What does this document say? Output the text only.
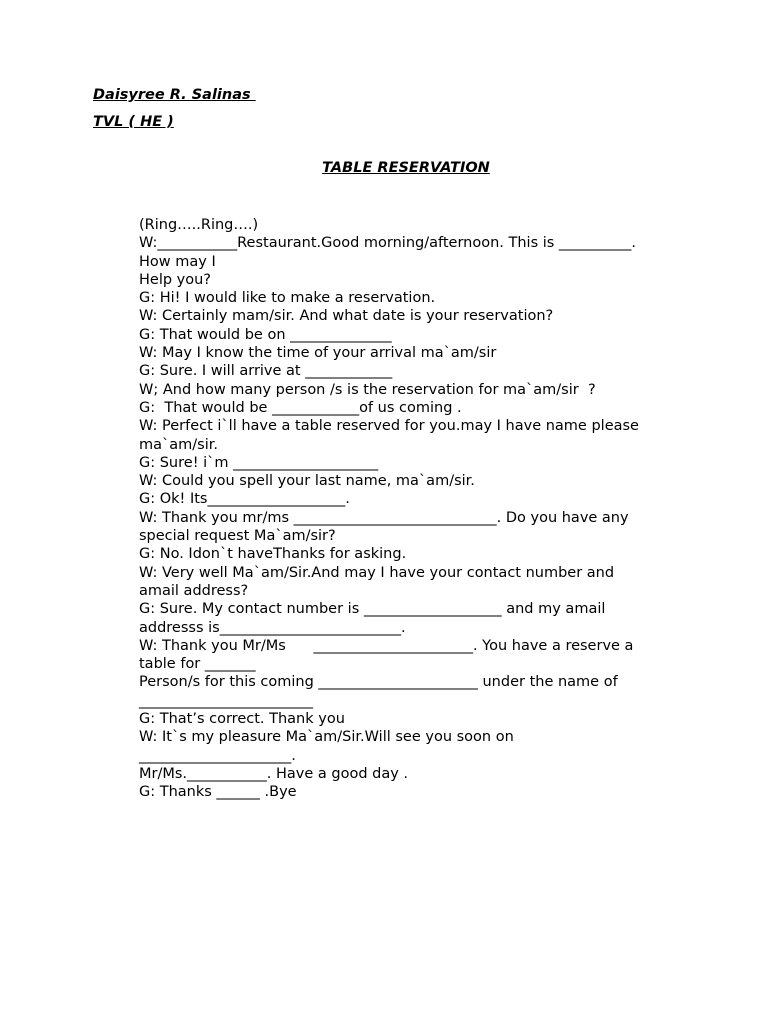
Daisyree R. Salinas
TVL ( HE )
TABLE RESERVATION
(Ring…..Ring….)
W:___________Restaurant.Good morning/afternoon. This is __________.
How may I
Help you?
G: Hi! I would like to make a reservation.
W: Certainly mam/sir. And what date is your reservation?
G: That would be on ______________
W: May I know the time of your arrival ma`am/sir
G: Sure. I will arrive at ____________
W; And how many person /s is the reservation for ma`am/sir  ?
G:  That would be ____________of us coming .
W: Perfect i`ll have a table reserved for you.may I have name please
ma`am/sir.
G: Sure! i`m ____________________
W: Could you spell your last name, ma`am/sir.
G: Ok! Its___________________.
W: Thank you mr/ms ____________________________. Do you have any
special request Ma`am/sir?
G: No. Idon`t haveThanks for asking.
W: Very well Ma`am/Sir.And may I have your contact number and
amail address?
G: Sure. My contact number is ___________________ and my amail
addresss is_________________________.
W: Thank you Mr/Ms      ______________________. You have a reserve a
table for _______
Person/s for this coming ______________________ under the name of
________________________
G: That’s correct. Thank you
W: It`s my pleasure Ma`am/Sir.Will see you soon on
_____________________.
Mr/Ms.___________. Have a good day .
G: Thanks ______ .Bye
